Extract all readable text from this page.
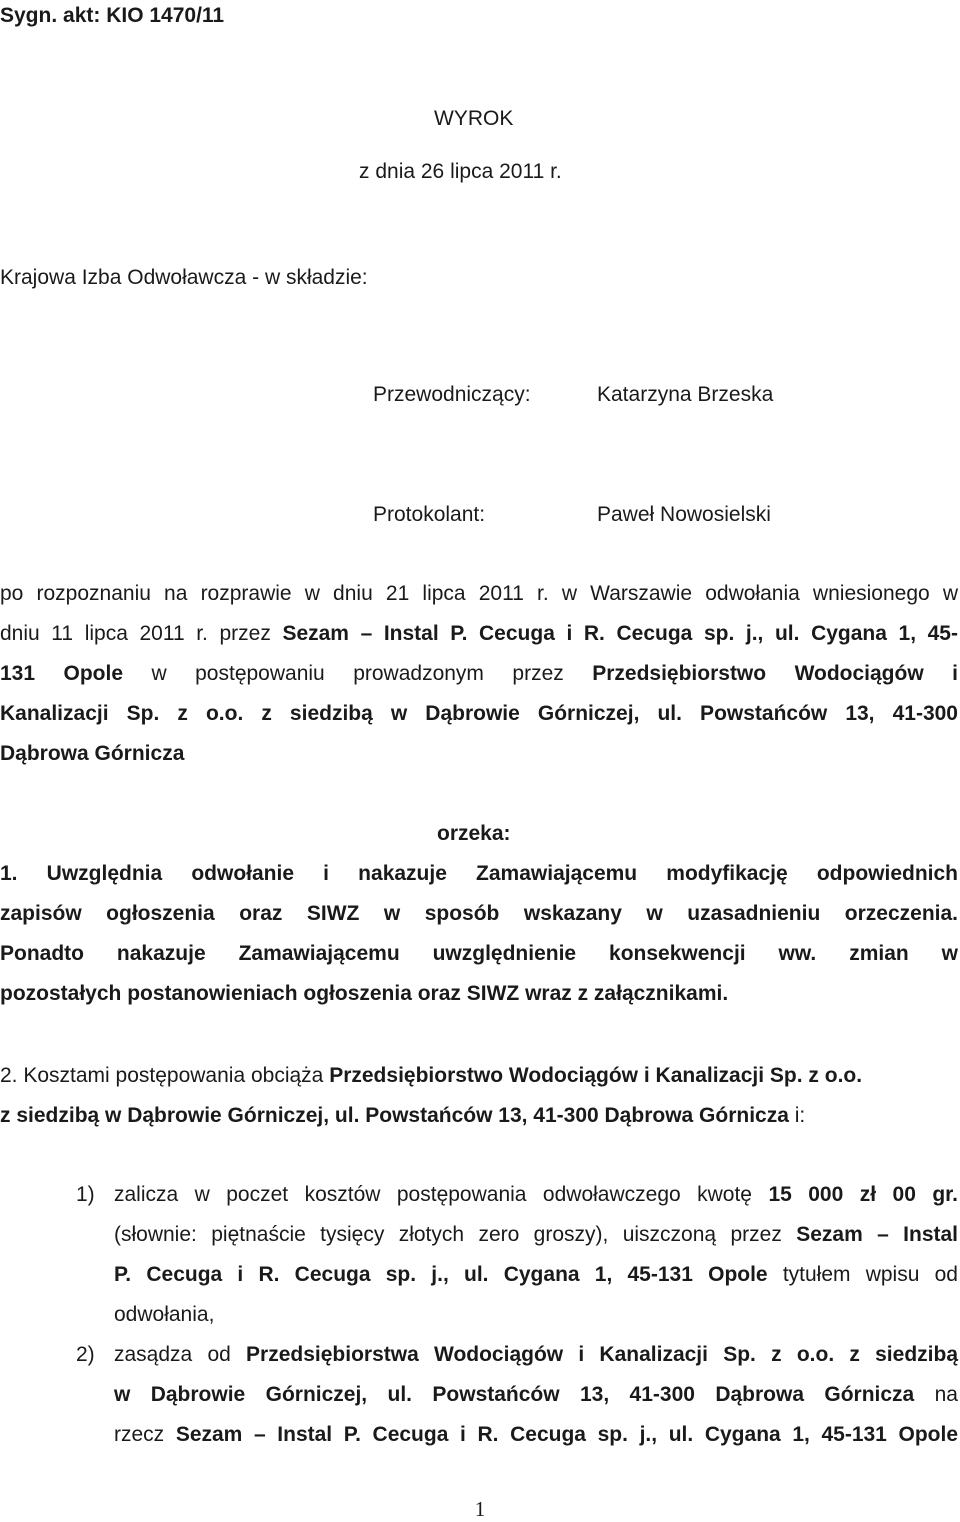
Sygn. akt: KIO 1470/11
WYROK
z dnia 26 lipca 2011 r.
Krajowa Izba Odwoławcza - w składzie:
Przewodniczący:	Katarzyna Brzeska
Protokolant:	Paweł Nowosielski
po rozpoznaniu na rozprawie w dniu 21 lipca 2011 r. w Warszawie odwołania wniesionego w
dniu 11 lipca 2011 r. przez Sezam – Instal P. Cecuga i R. Cecuga sp. j., ul. Cygana 1, 45-
131 Opole w postępowaniu prowadzonym przez Przedsiębiorstwo Wodociągów i
Kanalizacji Sp. z o.o. z siedzibą w Dąbrowie Górniczej, ul. Powstańców 13, 41-300
Dąbrowa Górnicza
orzeka:
1. Uwzględnia odwołanie i nakazuje Zamawiającemu modyfikację odpowiednich
zapisów ogłoszenia oraz SIWZ w sposób wskazany w uzasadnieniu orzeczenia.
Ponadto nakazuje Zamawiającemu uwzględnienie konsekwencji ww. zmian w
pozostałych postanowieniach ogłoszenia oraz SIWZ wraz z załącznikami.
2. Kosztami postępowania obciąża Przedsiębiorstwo Wodociągów i Kanalizacji Sp. z o.o.
z siedzibą w Dąbrowie Górniczej, ul. Powstańców 13, 41-300 Dąbrowa Górnicza i:
1) zalicza w poczet kosztów postępowania odwoławczego kwotę 15 000 zł 00 gr.
(słownie: piętnaście tysięcy złotych zero groszy), uiszczoną przez Sezam – Instal
P. Cecuga i R. Cecuga sp. j., ul. Cygana 1, 45-131 Opole tytułem wpisu od
odwołania,
2) zasądza od Przedsiębiorstwa Wodociągów i Kanalizacji Sp. z o.o. z siedzibą
w Dąbrowie Górniczej, ul. Powstańców 13, 41-300 Dąbrowa Górnicza na
rzecz Sezam – Instal P. Cecuga i R. Cecuga sp. j., ul. Cygana 1, 45-131 Opole
1
